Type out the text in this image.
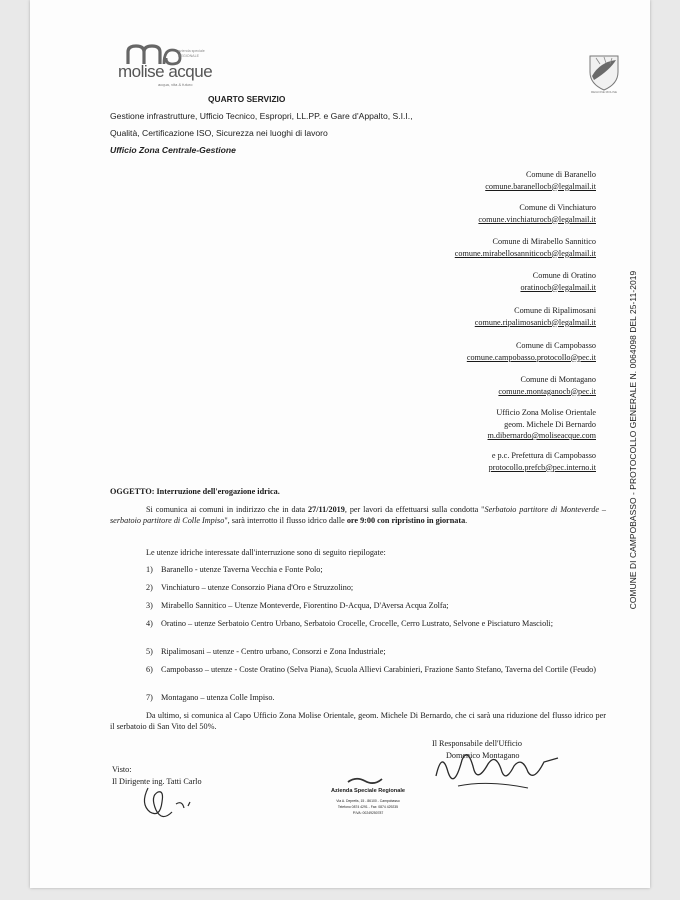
azienda speciale
REGIONALE
molise acque
acqua, vita & futuro
REGIONE MOLISE
QUARTO SERVIZIO
Gestione infrastrutture, Ufficio Tecnico, Espropri, LL.PP. e Gare d'Appalto, S.I.I.,
Qualità, Certificazione ISO, Sicurezza nei luoghi di lavoro
Ufficio Zona Centrale-Gestione
Comune di Baranello
comune.baranellocb@legalmail.it
Comune di Vinchiaturo
comune.vinchiaturocb@legalmail.it
Comune di Mirabello Sannitico
comune.mirabellosanniticocb@legalmail.it
Comune di Oratino
oratinocb@legalmail.it
Comune di Ripalimosani
comune.ripalimosanicb@legalmail.it
Comune di Campobasso
comune.campobasso.protocollo@pec.it
Comune di Montagano
comune.montaganocb@pec.it
Ufficio Zona Molise Orientale
geom. Michele Di Bernardo
m.dibernardo@moliseacque.com
e p.c. Prefettura di Campobasso
protocollo.prefcb@pec.interno.it
OGGETTO: Interruzione dell'erogazione idrica.
Si comunica ai comuni in indirizzo che in data 27/11/2019, per lavori da effettuarsi sulla condotta "Serbatoio partitore di Monteverde – serbatoio partitore di Colle Impiso", sarà interrotto il flusso idrico dalle ore 9:00 con ripristino in giornata.
Le utenze idriche interessate dall'interruzione sono di seguito riepilogate:
1) Baranello - utenze Taverna Vecchia e Fonte Polo;
2) Vinchiaturo – utenze Consorzio Piana d'Oro e Struzzolino;
3) Mirabello Sannitico – Utenze Monteverde, Fiorentino D-Acqua, D'Aversa Acqua Zolfa;
4) Oratino – utenze Serbatoio Centro Urbano, Serbatoio Crocelle, Crocelle, Cerro Lustrato, Selvone e Pisciaturo Mascioli;
5) Ripalimosani – utenze - Centro urbano, Consorzi e Zona Industriale;
6) Campobasso – utenze - Coste Oratino (Selva Piana), Scuola Allievi Carabinieri, Frazione Santo Stefano, Taverna del Cortile (Feudo)
7) Montagano – utenza Colle Impiso.
Da ultimo, si comunica al Capo Ufficio Zona Molise Orientale, geom. Michele Di Bernardo, che ci sarà una riduzione del flusso idrico per il serbatoio di San Vito del 50%.
Il Responsabile dell'Ufficio
Domenico Montagano
Visto:
Il Dirigente ing. Tatti Carlo
Azienda Speciale Regionale
Via A. Depretis, 15 - 86100 - Campobasso
Telefono 0874 4291 - Fax: 0874 429235
P.IVA: 00249250787
COMUNE DI CAMPOBASSO - PROTOCOLLO GENERALE N. 0064098 DEL 25-11-2019
